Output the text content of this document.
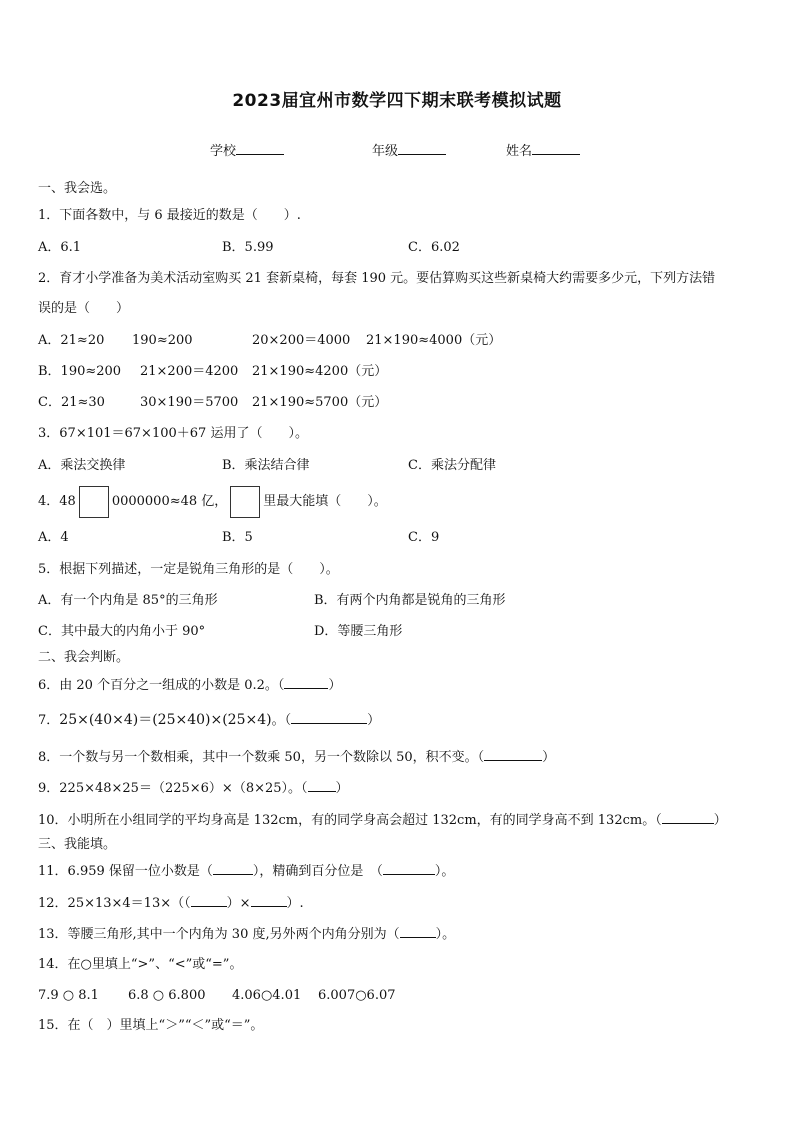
2023届宜州市数学四下期末联考模拟试题
学校	年级	姓名
一、我会选。
1．下面各数中，与 6 最接近的数是（　　）.
A．6.1	B．5.99	C．6.02
2．育才小学准备为美术活动室购买 21 套新桌椅，每套 190 元。要估算购买这些新桌椅大约需要多少元，下列方法错
误的是（　　）
A．21≈20 190≈200	20×200＝4000 21×190≈4000（元）
B．190≈200 21×200＝4200 21×190≈4200（元）
C．21≈30	30×190＝5700 21×190≈5700（元）
3．67×101＝67×100＋67 运用了（　　）。
A．乘法交换律	B．乘法结合律	C．乘法分配律
4．48	0000000≈48 亿，	里最大能填（　　）。
A．4	B．5	C．9
5．根据下列描述，一定是锐角三角形的是（　　）。
A．有一个内角是 85°的三角形	B．有两个内角都是锐角的三角形
C．其中最大的内角小于 90°	D．等腰三角形
二、我会判断。
6．由 20 个百分之一组成的小数是 0.2。（	）
7．25×(40×4)＝(25×40)×(25×4)。（	）
8．一个数与另一个数相乘，其中一个数乘 50，另一个数除以 50，积不变。（	）
9．225×48×25＝（225×6）×（8×25）。（ ）
10．小明所在小组同学的平均身高是 132cm，有的同学身高会超过 132cm，有的同学身高不到 132cm。（	）
三、我能填。
11．6.959 保留一位小数是（	），精确到百分位是　（	）。
12．25×13×4＝13×（（	）×	）.
13．等腰三角形,其中一个内角为 30 度,另外两个内角分别为（	）。
14．在○里填上“>”、“<”或“=”。
7.9 ○ 8.1 6.8 ○ 6.800 4.06○4.01 6.007○6.07
15．在（　）里填上“＞”“＜”或“＝”。
